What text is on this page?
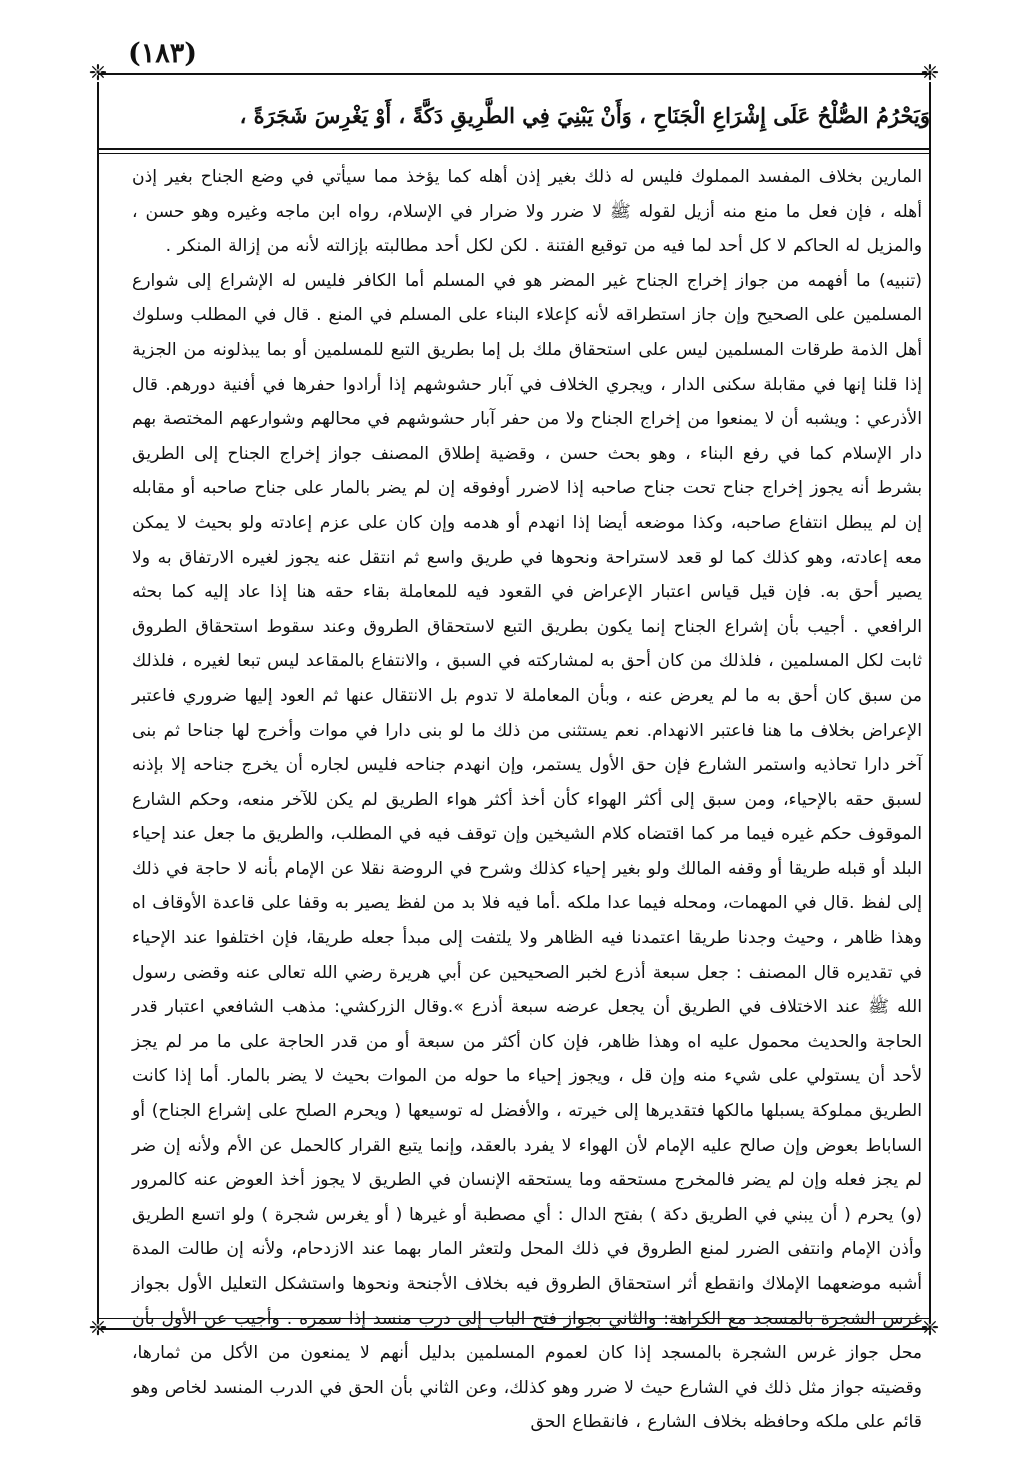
(١٨٣)
❈	❈
❈	❈
وَيَحْرُمُ الصُّلْحُ عَلَى إِشْرَاعِ الْجَنَاحِ ، وَأَنْ يَبْنِيَ فِي الطَّرِيقِ دَكَّةً ، أَوْ يَغْرِسَ شَجَرَةً ،

المارين بخلاف المفسد المملوك فليس له ذلك بغير إذن أهله كما يؤخذ مما سيأتي في وضع الجناح بغير إذن أهله ، فإن فعل ما منع منه أزيل لقوله ﷺ لا ضرر ولا ضرار في الإسلام، رواه ابن ماجه وغيره وهو حسن ، والمزيل له الحاكم لا كل أحد لما فيه من توقيع الفتنة . لكن لكل أحد مطالبته بإزالته لأنه من إزالة المنكر .

(تنبيه) ما أفهمه من جواز إخراج الجناح غير المضر هو في المسلم أما الكافر فليس له الإشراع إلى شوارع المسلمين على الصحيح وإن جاز استطراقه لأنه كإعلاء البناء على المسلم في المنع . قال في المطلب وسلوك أهل الذمة طرقات المسلمين ليس على استحقاق ملك بل إما بطريق التبع للمسلمين أو بما يبذلونه من الجزية إذا قلنا إنها في مقابلة سكنى الدار ، ويجري الخلاف في آبار حشوشهم إذا أرادوا حفرها في أفنية دورهم. قال الأذرعي : ويشبه أن لا يمنعوا من إخراج الجناح ولا من حفر آبار حشوشهم في محالهم وشوارعهم المختصة بهم دار الإسلام كما في رفع البناء ، وهو بحث حسن ، وقضية إطلاق المصنف جواز إخراج الجناح إلى الطريق بشرط أنه يجوز إخراج جناح تحت جناح صاحبه إذا لاضرر أوفوقه إن لم يضر بالمار على جناح صاحبه أو مقابله إن لم يبطل انتفاع صاحبه، وكذا موضعه أيضا إذا انهدم أو هدمه وإن كان على عزم إعادته ولو بحيث لا يمكن معه إعادته، وهو كذلك كما لو قعد لاستراحة ونحوها في طريق واسع ثم انتقل عنه يجوز لغيره الارتفاق به ولا يصير أحق به. فإن قيل قياس اعتبار الإعراض في القعود فيه للمعاملة بقاء حقه هنا إذا عاد إليه كما بحثه الرافعي . أجيب بأن إشراع الجناح إنما يكون بطريق التبع لاستحقاق الطروق وعند سقوط استحقاق الطروق ثابت لكل المسلمين ، فلذلك من كان أحق به لمشاركته في السبق ، والانتفاع بالمقاعد ليس تبعا لغيره ، فلذلك من سبق كان أحق به ما لم يعرض عنه ، وبأن المعاملة لا تدوم بل الانتقال عنها ثم العود إليها ضروري فاعتبر الإعراض بخلاف ما هنا فاعتبر الانهدام. نعم يستثنى من ذلك ما لو بنى دارا في موات وأخرج لها جناحا ثم بنى آخر دارا تحاذيه واستمر الشارع فإن حق الأول يستمر، وإن انهدم جناحه فليس لجاره أن يخرج جناحه إلا بإذنه لسبق حقه بالإحياء، ومن سبق إلى أكثر الهواء كأن أخذ أكثر هواء الطريق لم يكن للآخر منعه، وحكم الشارع الموقوف حكم غيره فيما مر كما اقتضاه كلام الشيخين وإن توقف فيه في المطلب، والطريق ما جعل عند إحياء البلد أو قبله طريقا أو وقفه المالك ولو بغير إحياء كذلك وشرح في الروضة نقلا عن الإمام بأنه لا حاجة في ذلك إلى لفظ .قال في المهمات، ومحله فيما عدا ملكه .أما فيه فلا بد من لفظ يصير به وقفا على قاعدة الأوقاف اه وهذا ظاهر ، وحيث وجدنا طريقا اعتمدنا فيه الظاهر ولا يلتفت إلى مبدأ جعله طريقا، فإن اختلفوا عند الإحياء في تقديره قال المصنف : جعل سبعة أذرع لخبر الصحيحين عن أبي هريرة رضي الله تعالى عنه وقضى رسول الله ﷺ عند الاختلاف في الطريق أن يجعل عرضه سبعة أذرع ».وقال الزركشي: مذهب الشافعي اعتبار قدر الحاجة والحديث محمول عليه اه وهذا ظاهر، فإن كان أكثر من سبعة أو من قدر الحاجة على ما مر لم يجز لأحد أن يستولي على شيء منه وإن قل ، ويجوز إحياء ما حوله من الموات بحيث لا يضر بالمار. أما إذا كانت الطريق مملوكة يسبلها مالكها فتقديرها إلى خيرته ، والأفضل له توسيعها ( ويحرم الصلح على إشراع الجناح) أو الساباط بعوض وإن صالح عليه الإمام لأن الهواء لا يفرد بالعقد، وإنما يتبع القرار كالحمل عن الأم ولأنه إن ضر لم يجز فعله وإن لم يضر فالمخرج مستحقه وما يستحقه الإنسان في الطريق لا يجوز أخذ العوض عنه كالمرور (و) يحرم ( أن يبني في الطريق دكة ) بفتح الدال : أي مصطبة أو غيرها ( أو يغرس شجرة ) ولو اتسع الطريق وأذن الإمام وانتفى الضرر لمنع الطروق في ذلك المحل ولتعثر المار بهما عند الازدحام، ولأنه إن طالت المدة أشبه موضعهما الإملاك وانقطع أثر استحقاق الطروق فيه بخلاف الأجنحة ونحوها واستشكل التعليل الأول بجواز غرس الشجرة بالمسجد مع الكراهة: والثاني بجواز فتح الباب إلى درب منسد إذا سمره . وأجيب عن الأول بأن محل جواز غرس الشجرة بالمسجد إذا كان لعموم المسلمين بدليل أنهم لا يمنعون من الأكل من ثمارها، وقضيته جواز مثل ذلك في الشارع حيث لا ضرر وهو كذلك، وعن الثاني بأن الحق في الدرب المنسد لخاص وهو قائم على ملكه وحافظه بخلاف الشارع ، فانقطاع الحق
